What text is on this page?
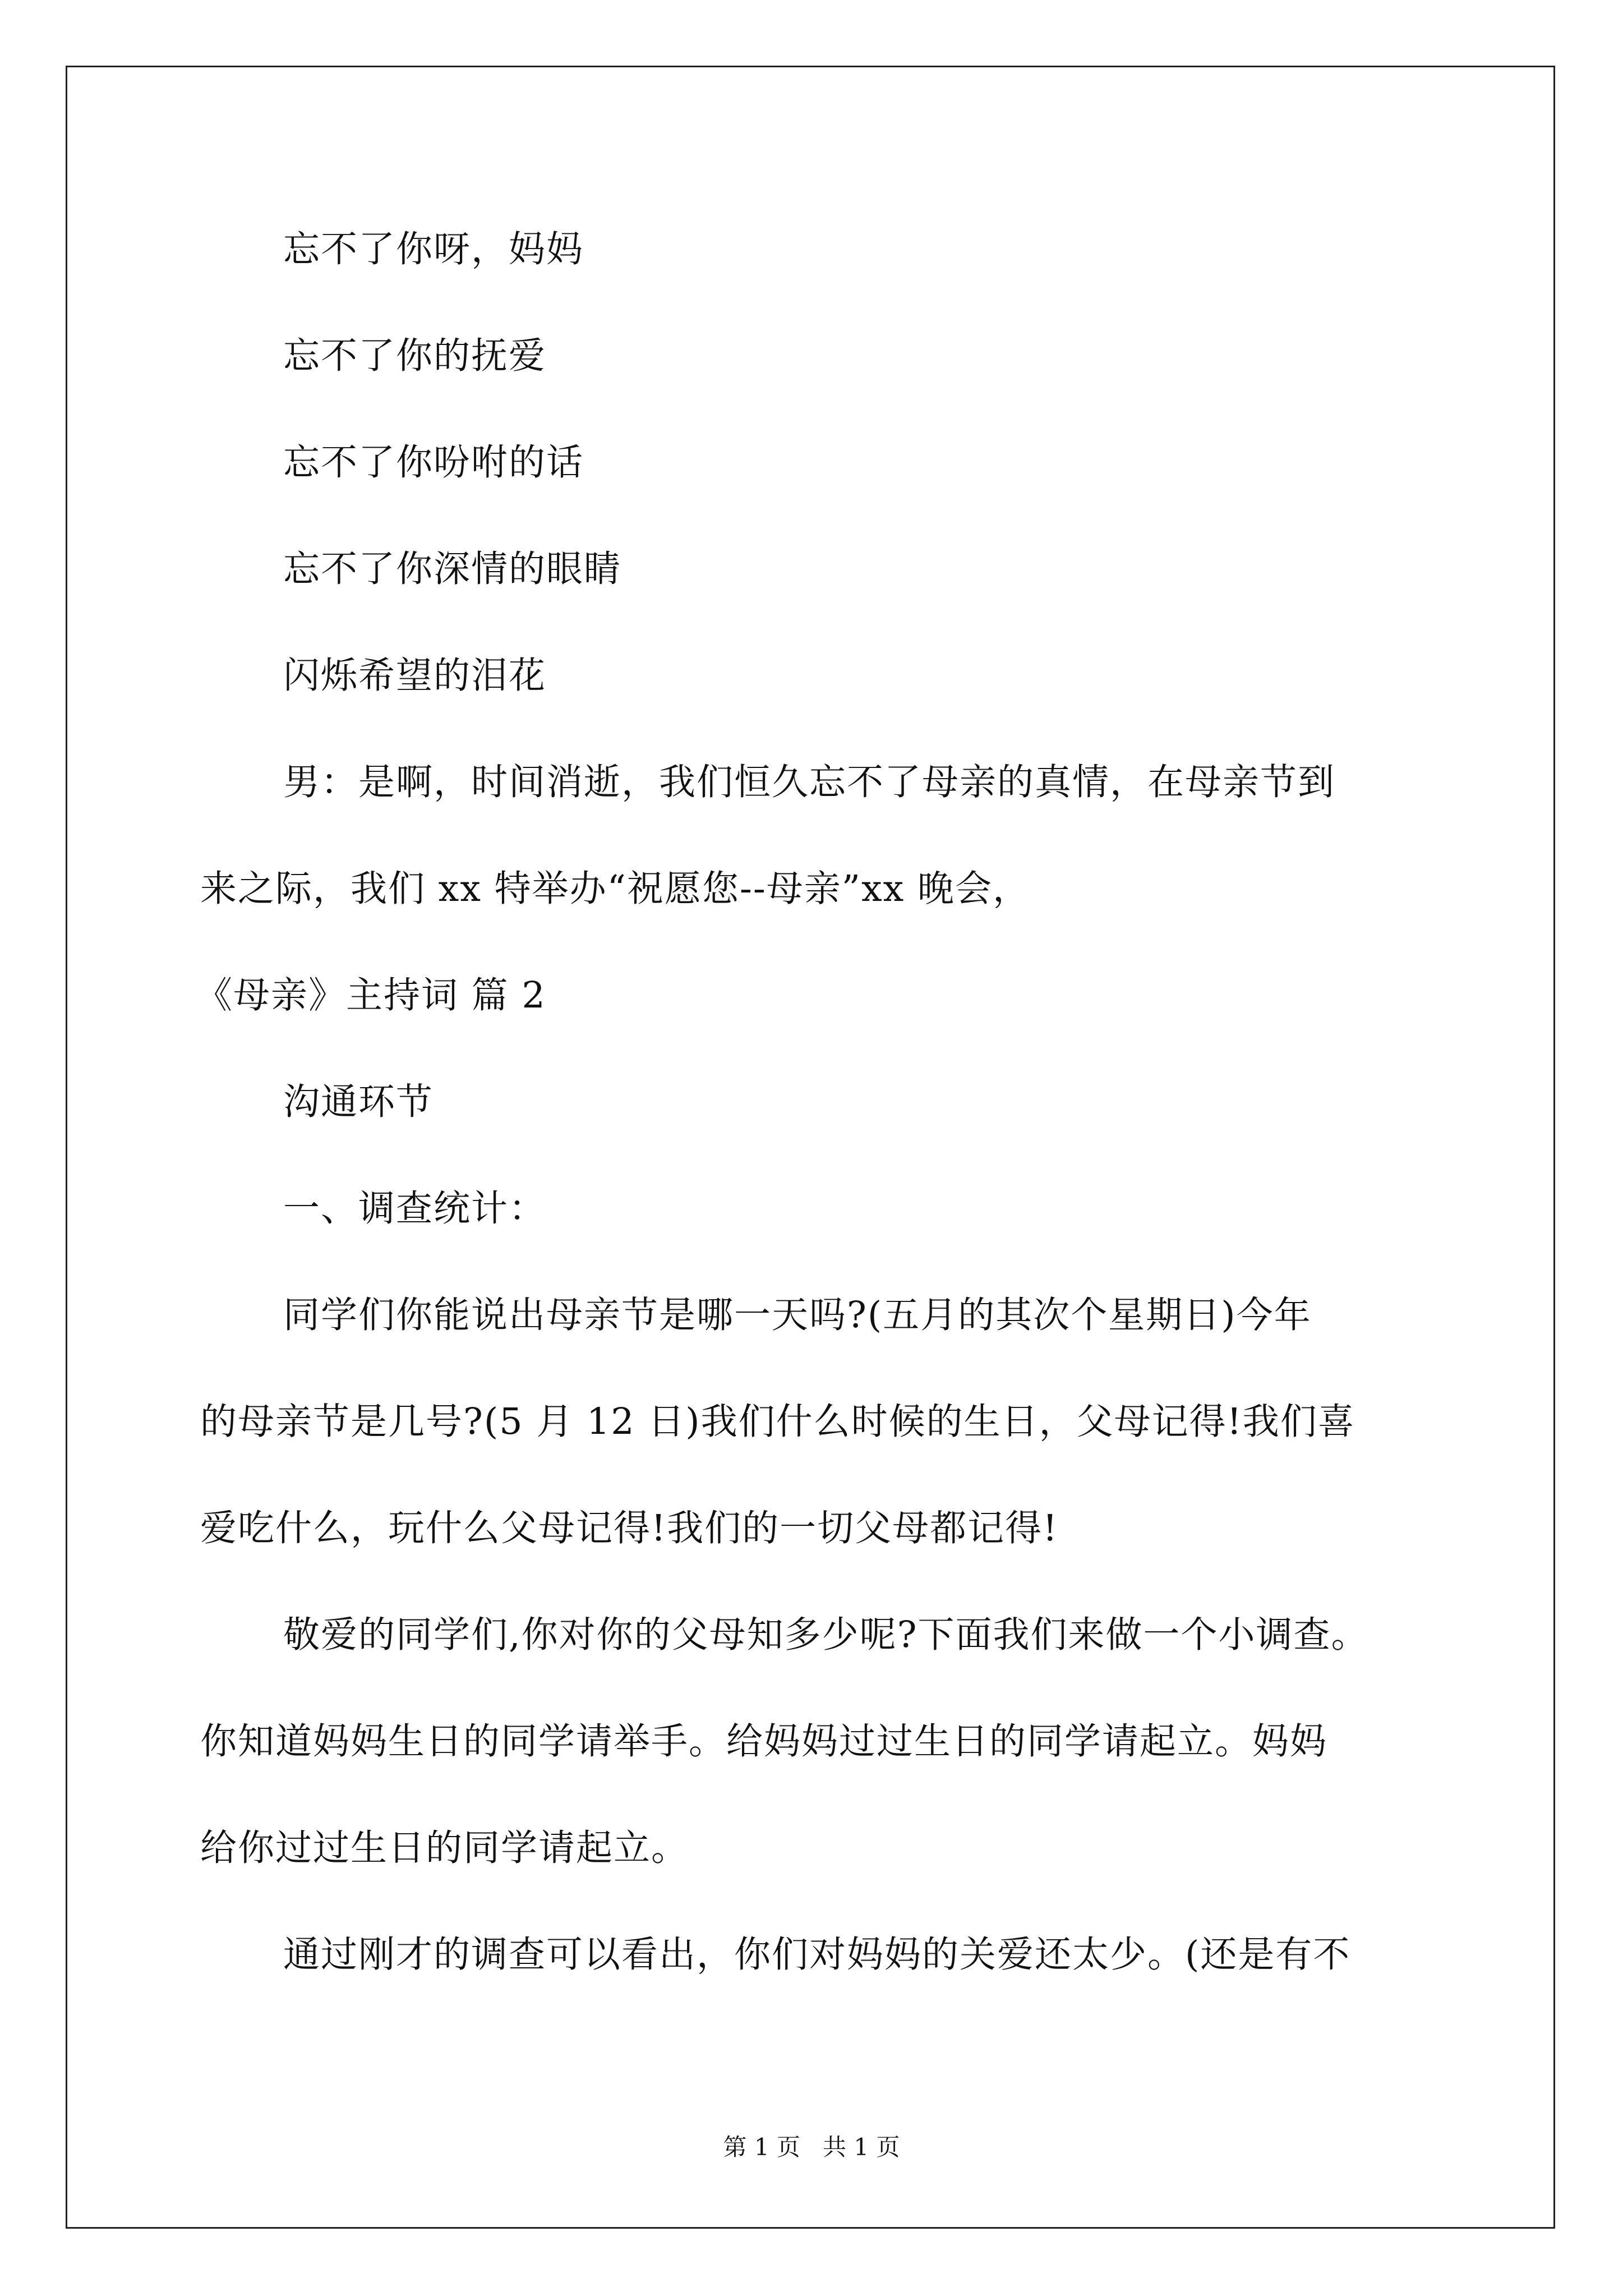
忘不了你呀，妈妈
忘不了你的抚爱
忘不了你吩咐的话
忘不了你深情的眼睛
闪烁希望的泪花
男：是啊，时间消逝，我们恒久忘不了母亲的真情，在母亲节到
来之际，我们 xx 特举办“祝愿您--母亲”xx 晚会，
《母亲》主持词 篇 2
沟通环节
一、调查统计：
同学们你能说出母亲节是哪一天吗?(五月的其次个星期日)今年
的母亲节是几号?(5 月 12 日)我们什么时候的生日，父母记得!我们喜
爱吃什么，玩什么父母记得!我们的一切父母都记得!
敬爱的同学们,你对你的父母知多少呢?下面我们来做一个小调查。
你知道妈妈生日的同学请举手。给妈妈过过生日的同学请起立。妈妈
给你过过生日的同学请起立。
通过刚才的调查可以看出，你们对妈妈的关爱还太少。(还是有不
第 1 页   共 1 页
